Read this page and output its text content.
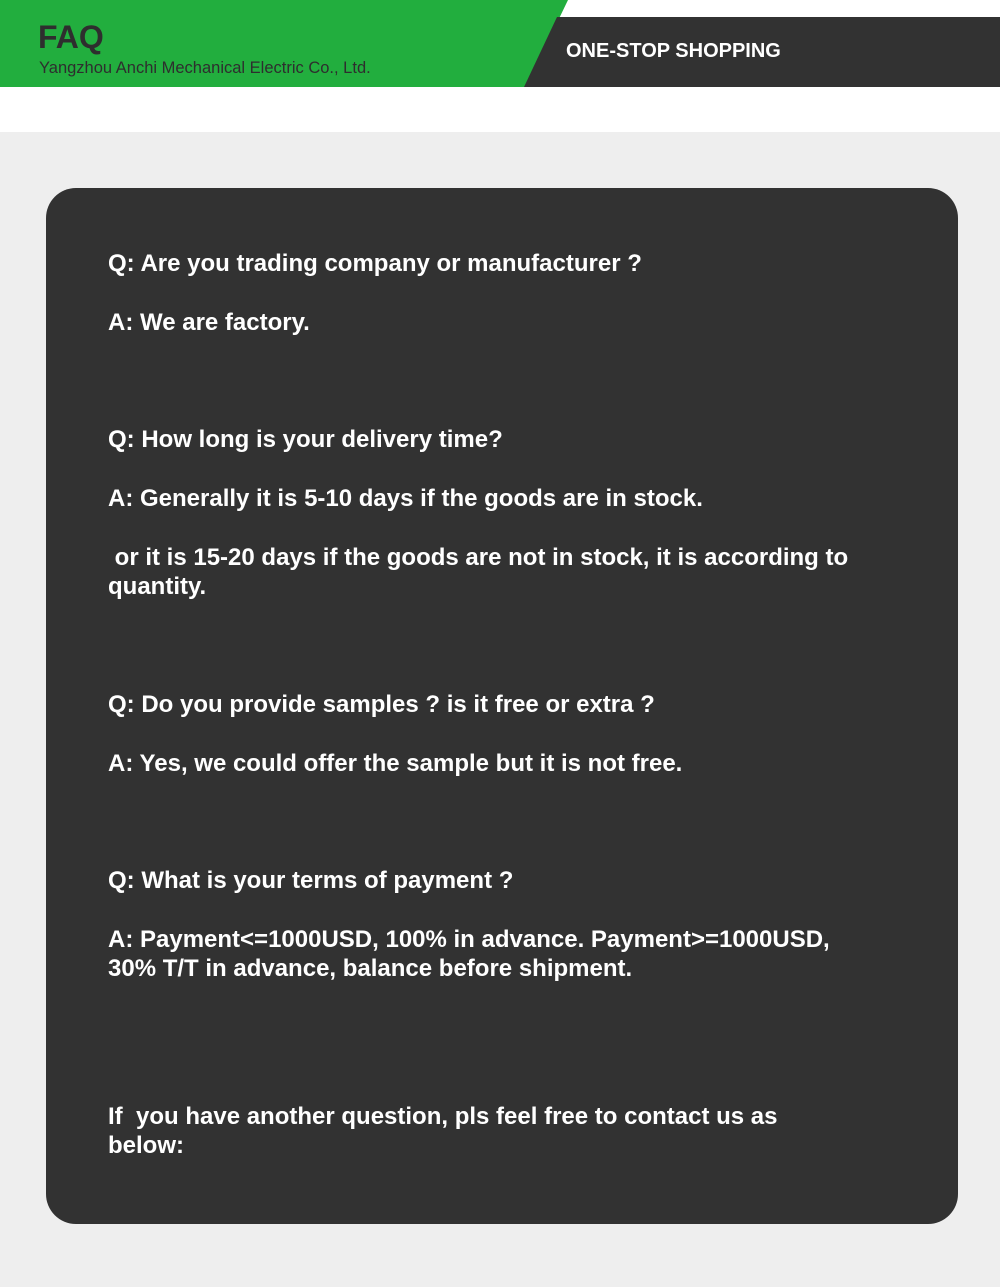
FAQ
Yangzhou Anchi Mechanical Electric Co., Ltd.
ONE-STOP SHOPPING
Q: Are you trading company or manufacturer ?
A: We are factory.
Q: How long is your delivery time?
A: Generally it is 5-10 days if the goods are in stock.
or it is 15-20 days if the goods are not in stock, it is according to quantity.
Q: Do you provide samples ? is it free or extra ?
A: Yes, we could offer the sample but it is not free.
Q: What is your terms of payment ?
A: Payment<=1000USD, 100% in advance. Payment>=1000USD, 30% T/T in advance, balance before shipment.
If  you have another question, pls feel free to contact us as below:
